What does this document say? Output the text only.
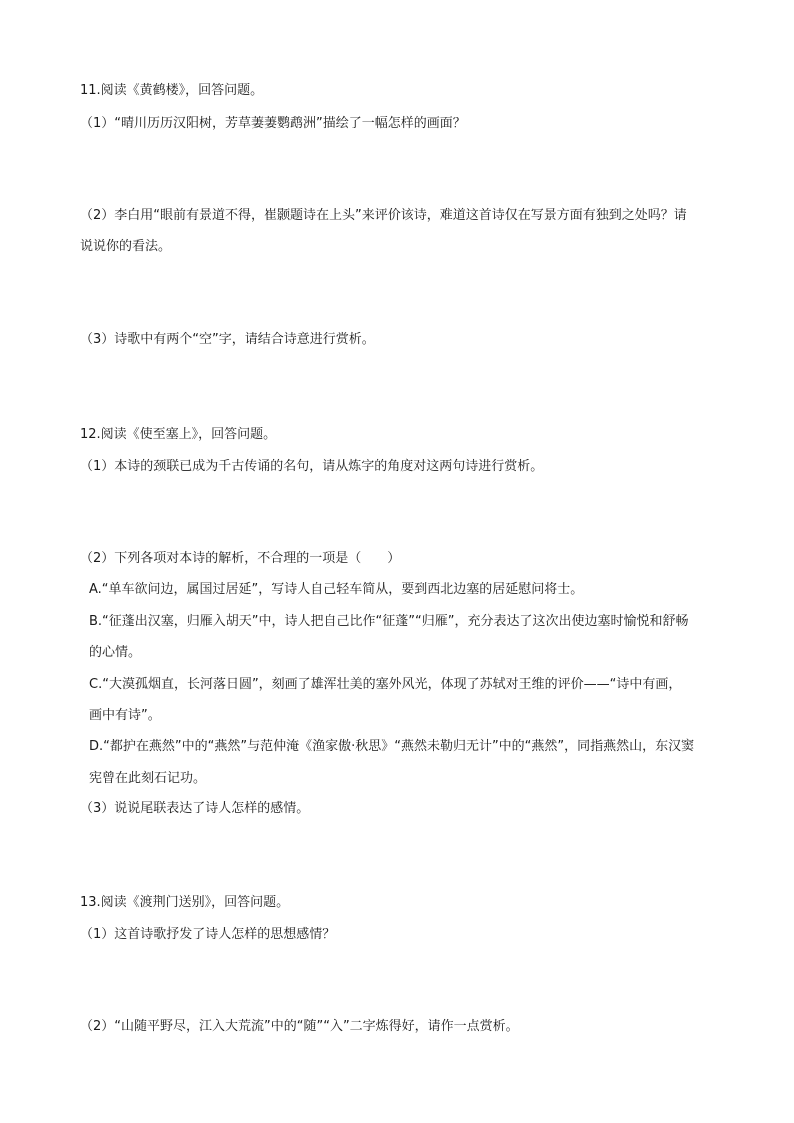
11.阅读《黄鹤楼》，回答问题。
（1）“晴川历历汉阳树，芳草萋萋鹦鹉洲”描绘了一幅怎样的画面？
（2）李白用“眼前有景道不得，崔颢题诗在上头”来评价该诗，难道这首诗仅在写景方面有独到之处吗？请
说说你的看法。
（3）诗歌中有两个“空”字，请结合诗意进行赏析。
12.阅读《使至塞上》，回答问题。
（1）本诗的颈联已成为千古传诵的名句，请从炼字的角度对这两句诗进行赏析。
（2）下列各项对本诗的解析，不合理的一项是（　　）
A.“单车欲问边，属国过居延”，写诗人自己轻车简从，要到西北边塞的居延慰问将士。
B.“征蓬出汉塞，归雁入胡天”中，诗人把自己比作“征蓬”“归雁”，充分表达了这次出使边塞时愉悦和舒畅
的心情。
C.“大漠孤烟直，长河落日圆”，刻画了雄浑壮美的塞外风光，体现了苏轼对王维的评价——“诗中有画，
画中有诗”。
D.“都护在燕然”中的“燕然”与范仲淹《渔家傲·秋思》“燕然未勒归无计”中的“燕然”，同指燕然山，东汉窦
宪曾在此刻石记功。
（3）说说尾联表达了诗人怎样的感情。
13.阅读《渡荆门送别》，回答问题。
（1）这首诗歌抒发了诗人怎样的思想感情？
（2）“山随平野尽，江入大荒流”中的“随”“入”二字炼得好，请作一点赏析。
